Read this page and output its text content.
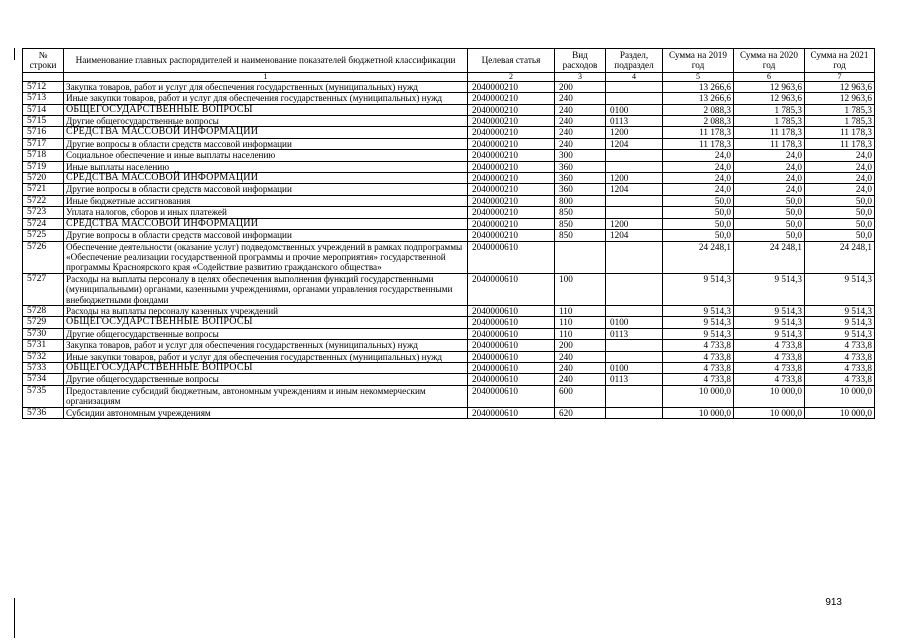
№ строки	Наименование главных распорядителей и наименование показателей бюджетной классификации	Целевая статья	Вид расходов	Раздел, подраздел	Сумма на 2019 год	Сумма на 2020 год	Сумма на 2021 год
	1	2	3	4	5	6	7
5712	Закупка товаров, работ и услуг для обеспечения государственных (муниципальных) нужд	2040000210	200		13 266,6	12 963,6	12 963,6
5713	Иные закупки товаров, работ и услуг для обеспечения государственных (муниципальных) нужд	2040000210	240		13 266,6	12 963,6	12 963,6
5714	ОБЩЕГОСУДАРСТВЕННЫЕ ВОПРОСЫ	2040000210	240	0100	2 088,3	1 785,3	1 785,3
5715	Другие общегосударственные вопросы	2040000210	240	0113	2 088,3	1 785,3	1 785,3
5716	СРЕДСТВА МАССОВОЙ ИНФОРМАЦИИ	2040000210	240	1200	11 178,3	11 178,3	11 178,3
5717	Другие вопросы в области средств массовой информации	2040000210	240	1204	11 178,3	11 178,3	11 178,3
5718	Социальное обеспечение и иные выплаты населению	2040000210	300		24,0	24,0	24,0
5719	Иные выплаты населению	2040000210	360		24,0	24,0	24,0
5720	СРЕДСТВА МАССОВОЙ ИНФОРМАЦИИ	2040000210	360	1200	24,0	24,0	24,0
5721	Другие вопросы в области средств массовой информации	2040000210	360	1204	24,0	24,0	24,0
5722	Иные бюджетные ассигнования	2040000210	800		50,0	50,0	50,0
5723	Уплата налогов, сборов и иных платежей	2040000210	850		50,0	50,0	50,0
5724	СРЕДСТВА МАССОВОЙ ИНФОРМАЦИИ	2040000210	850	1200	50,0	50,0	50,0
5725	Другие вопросы в области средств массовой информации	2040000210	850	1204	50,0	50,0	50,0
5726	Обеспечение деятельности (оказание услуг) подведомственных учреждений в рамках подпрограммы «Обеспечение реализации государственной программы и прочие мероприятия» государственной программы Красноярского края «Содействие развитию гражданского общества»	2040000610			24 248,1	24 248,1	24 248,1
5727	Расходы на выплаты персоналу в целях обеспечения выполнения функций государственными (муниципальными) органами, казенными учреждениями, органами управления государственными внебюджетными фондами	2040000610	100		9 514,3	9 514,3	9 514,3
5728	Расходы на выплаты персоналу казенных учреждений	2040000610	110		9 514,3	9 514,3	9 514,3
5729	ОБЩЕГОСУДАРСТВЕННЫЕ ВОПРОСЫ	2040000610	110	0100	9 514,3	9 514,3	9 514,3
5730	Другие общегосударственные вопросы	2040000610	110	0113	9 514,3	9 514,3	9 514,3
5731	Закупка товаров, работ и услуг для обеспечения государственных (муниципальных) нужд	2040000610	200		4 733,8	4 733,8	4 733,8
5732	Иные закупки товаров, работ и услуг для обеспечения государственных (муниципальных) нужд	2040000610	240		4 733,8	4 733,8	4 733,8
5733	ОБЩЕГОСУДАРСТВЕННЫЕ ВОПРОСЫ	2040000610	240	0100	4 733,8	4 733,8	4 733,8
5734	Другие общегосударственные вопросы	2040000610	240	0113	4 733,8	4 733,8	4 733,8
5735	Предоставление субсидий бюджетным, автономным учреждениям и иным некоммерческим организациям	2040000610	600		10 000,0	10 000,0	10 000,0
5736	Субсидии автономным учреждениям	2040000610	620		10 000,0	10 000,0	10 000,0
913
